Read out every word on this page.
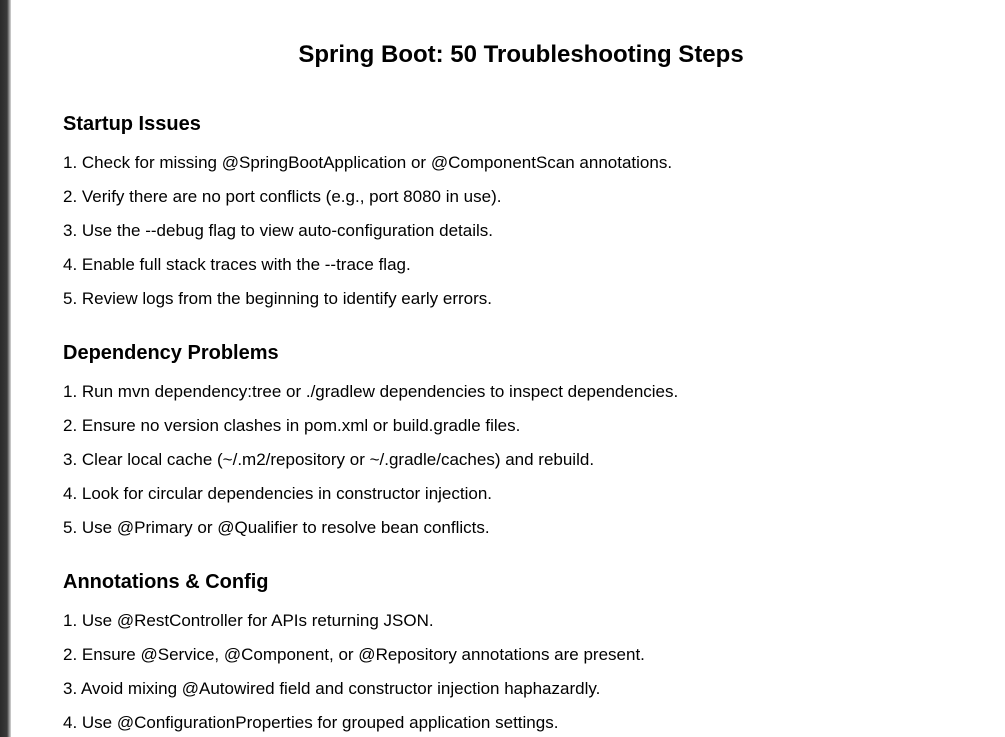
Spring Boot: 50 Troubleshooting Steps
Startup Issues
1. Check for missing @SpringBootApplication or @ComponentScan annotations.
2. Verify there are no port conflicts (e.g., port 8080 in use).
3. Use the --debug flag to view auto-configuration details.
4. Enable full stack traces with the --trace flag.
5. Review logs from the beginning to identify early errors.
Dependency Problems
1. Run mvn dependency:tree or ./gradlew dependencies to inspect dependencies.
2. Ensure no version clashes in pom.xml or build.gradle files.
3. Clear local cache (~/.m2/repository or ~/.gradle/caches) and rebuild.
4. Look for circular dependencies in constructor injection.
5. Use @Primary or @Qualifier to resolve bean conflicts.
Annotations & Config
1. Use @RestController for APIs returning JSON.
2. Ensure @Service, @Component, or @Repository annotations are present.
3. Avoid mixing @Autowired field and constructor injection haphazardly.
4. Use @ConfigurationProperties for grouped application settings.
